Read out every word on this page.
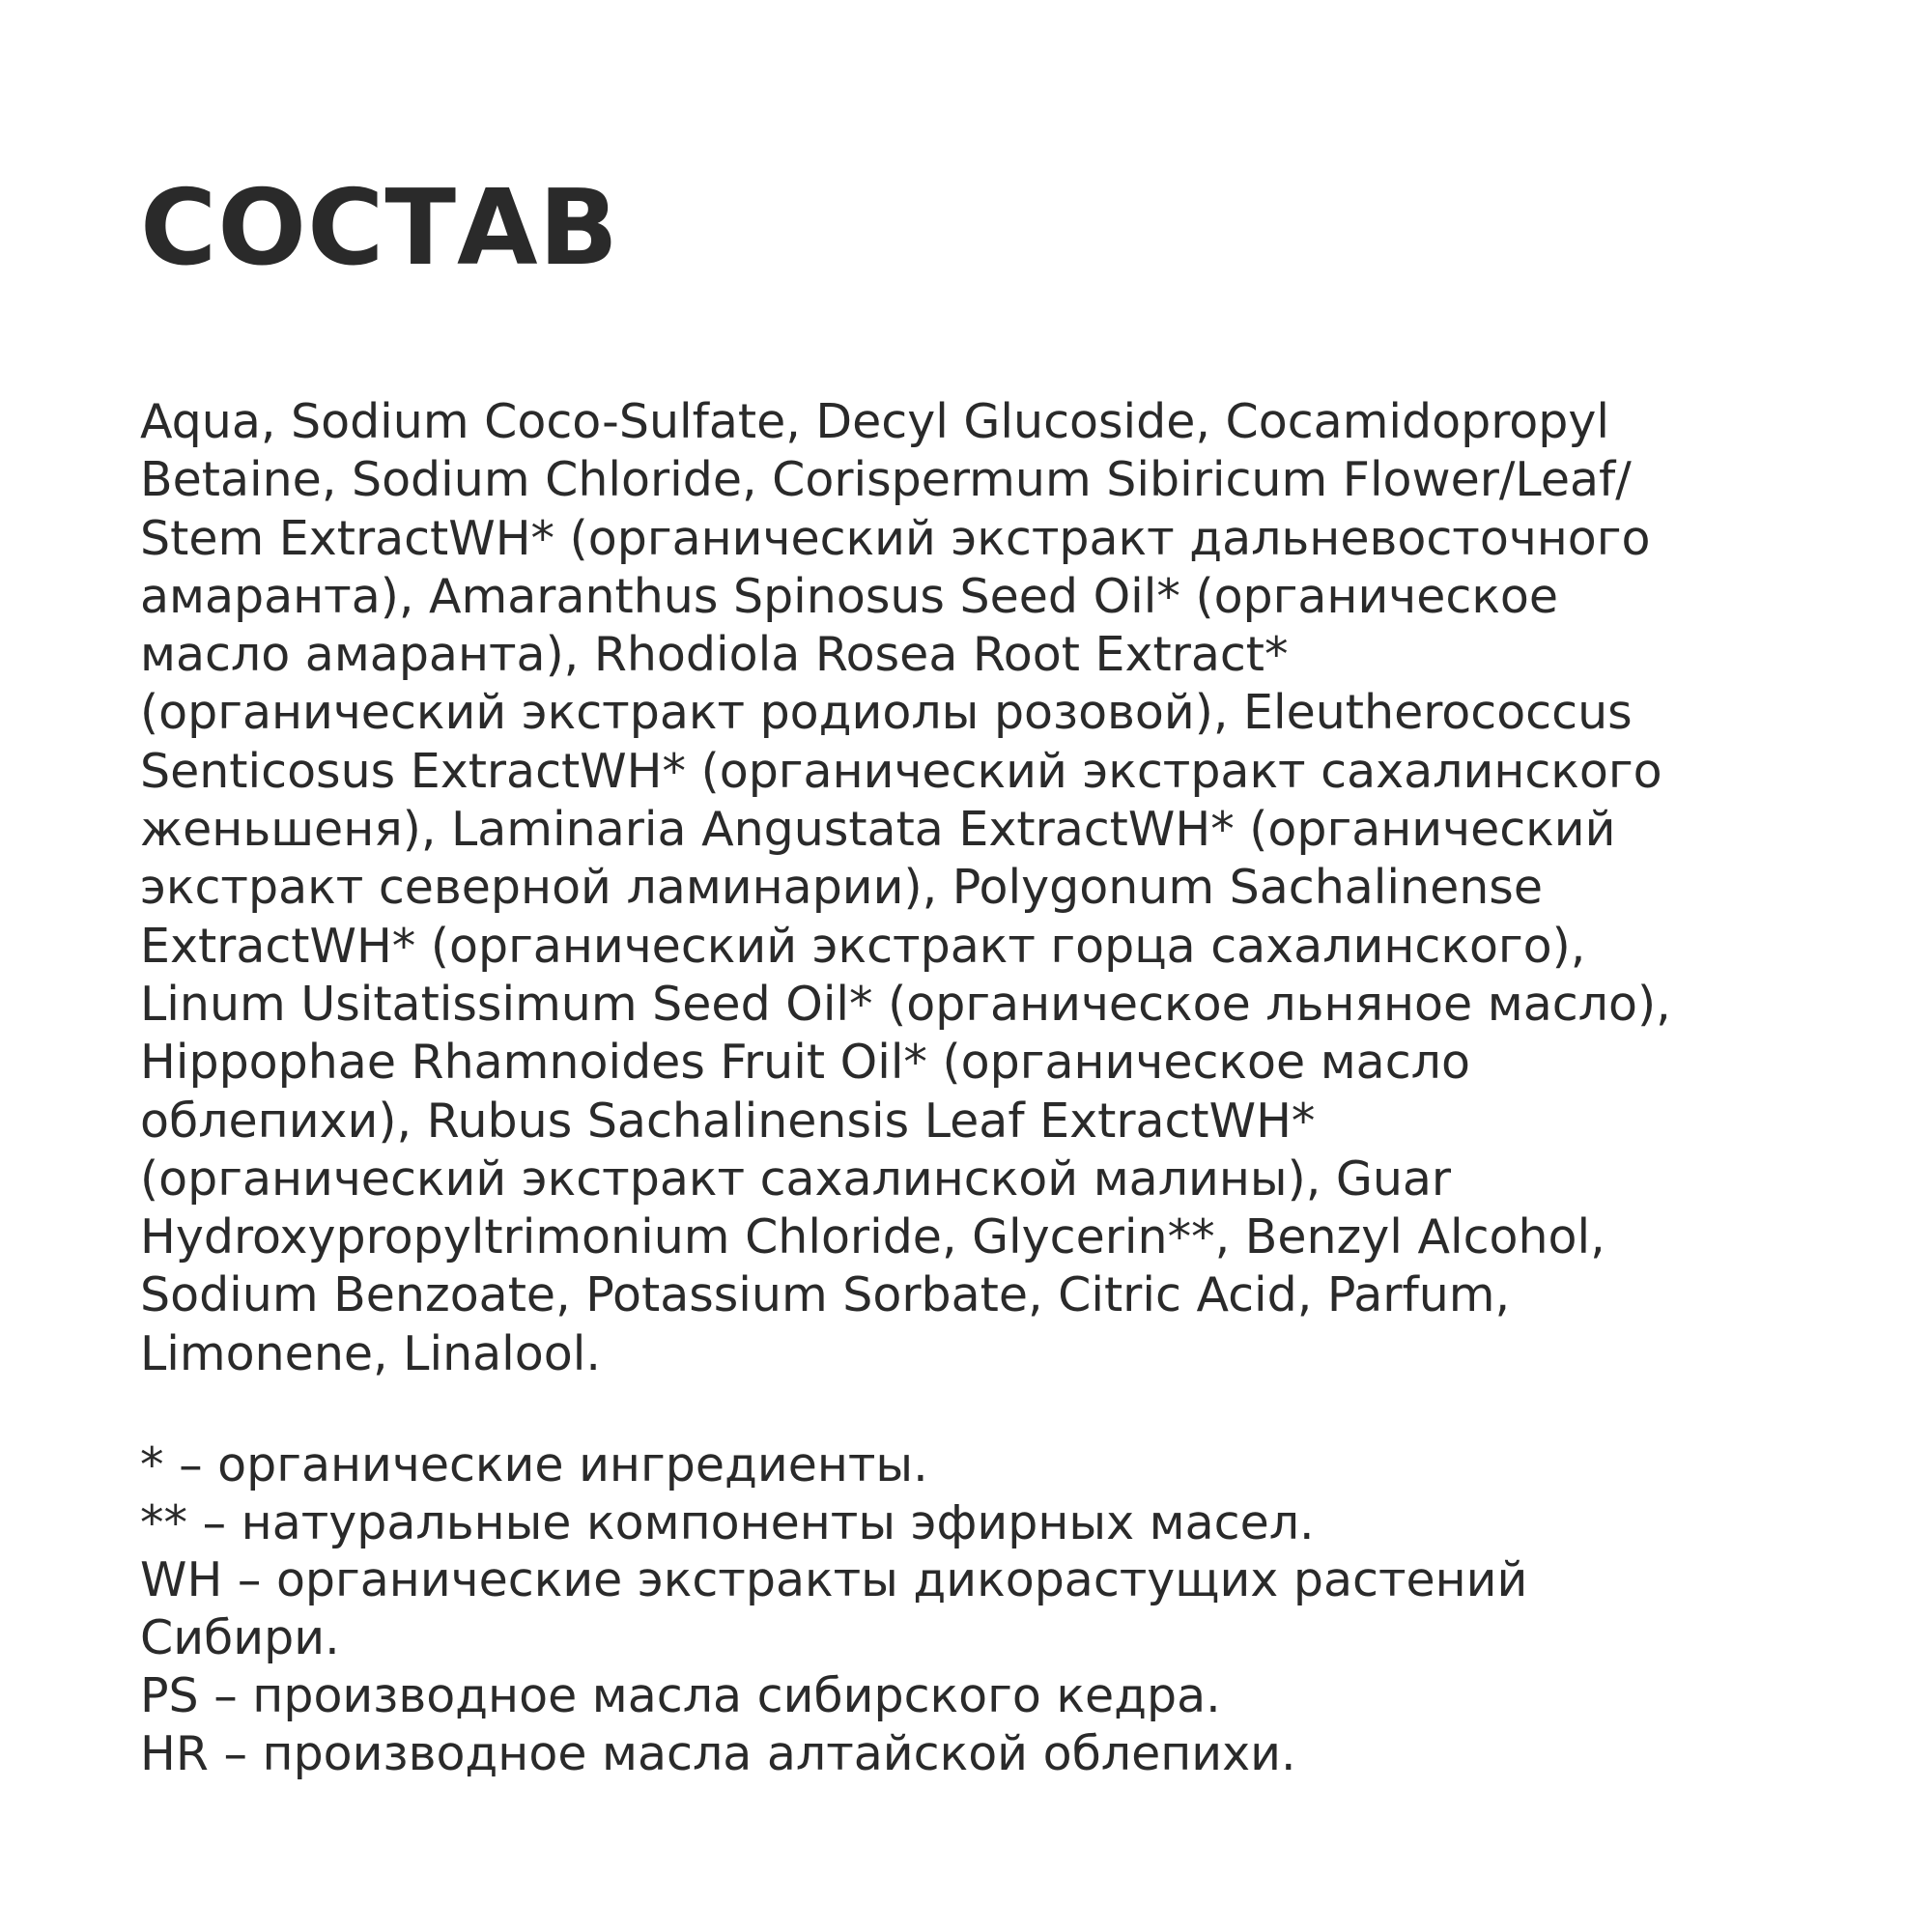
СОСТАВ
Aqua, Sodium Coco-Sulfate, Decyl Glucoside, Cocamidopropyl
Betaine, Sodium Chloride, Corispermum Sibiricum Flower/Leaf/
Stem ExtractWH* (органический экстракт дальневосточного
амаранта), Amaranthus Spinosus Seed Oil* (органическое
масло амаранта), Rhodiola Rosea Root Extract*
(органический экстракт родиолы розовой), Eleutherococcus
Senticosus ExtractWH* (органический экстракт сахалинского
женьшеня), Laminaria Angustata ExtractWH* (органический
экстракт северной ламинарии), Polygonum Sachalinense
ExtractWH* (органический экстракт горца сахалинского),
Linum Usitatissimum Seed Oil* (органическое льняное масло),
Hippophae Rhamnoides Fruit Oil* (органическое масло
облепихи), Rubus Sachalinensis Leaf ExtractWH*
(органический экстракт сахалинской малины), Guar
Hydroxypropyltrimonium Chloride, Glycerin**, Benzyl Alcohol,
Sodium Benzoate, Potassium Sorbate, Citric Acid, Parfum,
Limonene, Linalool.

* – органические ингредиенты.

** – натуральные компоненты эфирных масел.

WH – органические экстракты дикорастущих растений

Сибири.

PS – производное масла сибирского кедра.

HR – производное масла алтайской облепихи.
